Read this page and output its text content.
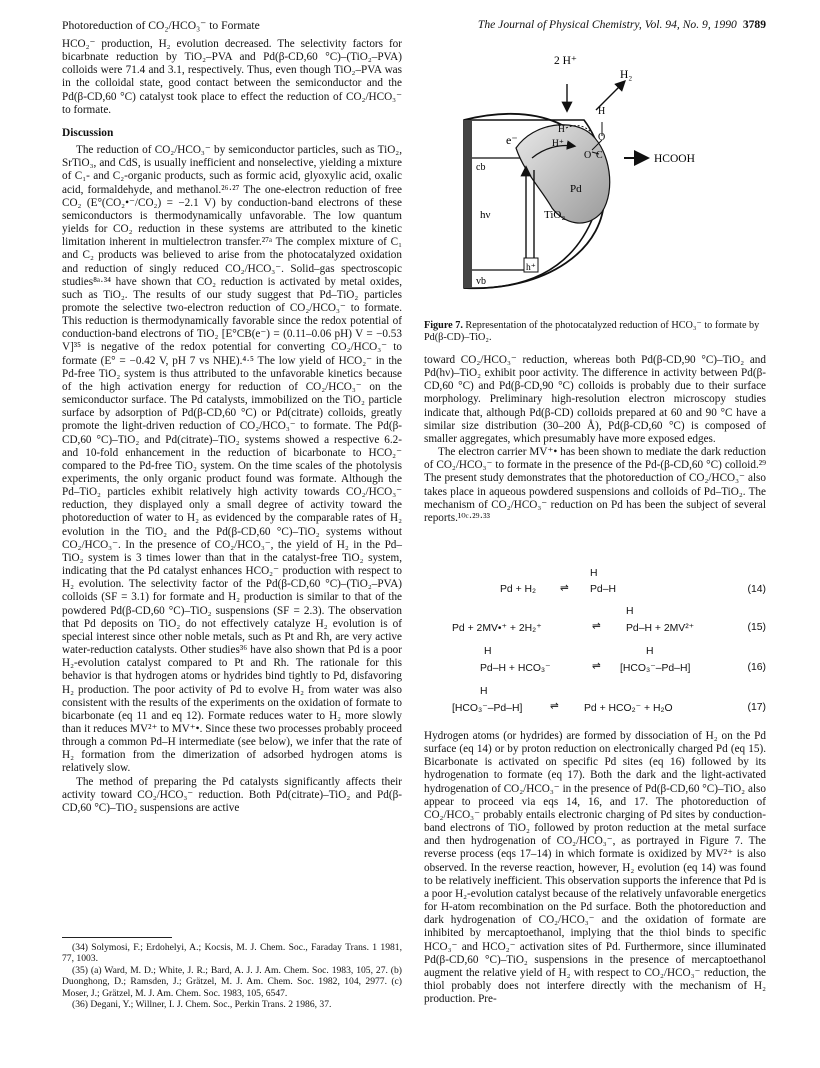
Photoreduction of CO₂/HCO₃⁻ to Formate	The Journal of Physical Chemistry, Vol. 94, No. 9, 1990 3789

HCO₂⁻ production, H₂ evolution decreased. The selectivity factors for bicarbnate reduction by TiO₂–PVA and Pd(β-CD,60 °C)–(TiO₂–PVA) colloids were 71.4 and 3.1, respectively. Thus, even though TiO₂–PVA was in the colloidal state, good contact between the semiconductor and the Pd(β-CD,60 °C) catalyst took place to effect the reduction of CO₂/HCO₃⁻ to formate.

Discussion

The reduction of CO₂/HCO₃⁻ by semiconductor particles, such as TiO₂, SrTiO₃, and CdS, is usually inefficient and nonselective, yielding a mixture of C₁- and C₂-organic products, such as formic acid, glyoxylic acid, oxalic acid, formaldehyde, and methanol.²⁶·²⁷ The one-electron reduction of free CO₂ (E°(CO₂•⁻/CO₂) = −2.1 V) by conduction-band electrons of these semiconductors is thermodynamically unfavorable. The low quantum yields for CO₂ reduction in these systems are attributed to the kinetic limitation inherent in multielectron transfer.²⁷ᵃ The complex mixture of C₁ and C₂ products was believed to arise from the photocatalyzed oxidation and reduction of singly reduced CO₂/HCO₃⁻. Solid–gas spectroscopic studies⁸ᵃ·³⁴ have shown that CO₂ reduction is activated by metal oxides, such as TiO₂. The results of our study suggest that Pd–TiO₂ particles promote the selective two-electron reduction of CO₂/HCO₃⁻ to formate. This reduction is thermodynamically favorable since the redox potential of conduction-band electrons of TiO₂ [E°CB(e⁻) = (0.11–0.06 pH) V = −0.53 V]³⁵ is negative of the redox potential for converting CO₂/HCO₃⁻ to formate (E° = −0.42 V, pH 7 vs NHE).⁴·⁵ The low yield of HCO₂⁻ in the Pd-free TiO₂ system is thus attributed to the unfavorable kinetics because of the high activation energy for reduction of CO₂/HCO₃⁻ on the semiconductor surface. The Pd catalysts, immobilized on the TiO₂ particle surface by adsorption of Pd(β-CD,60 °C) or Pd(citrate) colloids, greatly promote the light-driven reduction of CO₂/HCO₃⁻ to formate. The Pd(β-CD,60 °C)–TiO₂ and Pd(citrate)–TiO₂ systems showed a respective 6.2- and 10-fold enhancement in the reduction of bicarbonate to HCO₂⁻ compared to the Pd-free TiO₂ system. On the time scales of the photolysis experiments, the only organic product found was formate. Although the Pd–TiO₂ particles exhibit relatively high activity towards CO₂/HCO₃⁻ reduction, they displayed only a small degree of activity toward the photoreduction of water to H₂ as evidenced by the comparable rates of H₂ evolution in the TiO₂ and the Pd(β-CD,60 °C)–TiO₂ systems without CO₂/HCO₃⁻. In the presence of CO₂/HCO₃⁻, the yield of H₂ in the Pd–TiO₂ system is 3 times lower than that in the catalyst-free TiO₂ system, indicating that the Pd catalyst enhances HCO₂⁻ production with respect to H₂ evolution. The selectivity factor of the Pd(β-CD,60 °C)–(TiO₂–PVA) colloids (SF = 3.1) for formate and H₂ production is similar to that of the powdered Pd(β-CD,60 °C)–TiO₂ suspensions (SF = 2.3). The observation that Pd deposits on TiO₂ do not effectively catalyze H₂ evolution is of special interest since other noble metals, such as Pt and Rh, are very active water-reduction catalysts. Other studies³⁶ have also shown that Pd is a poor H₂-evolution catalyst compared to Pt and Rh. The rationale for this behavior is that hydrogen atoms or hydrides bind tightly to Pd, disfavoring H₂ production. The poor activity of Pd to evolve H₂ from water was also consistent with the results of the experiments on the oxidation of formate to bicarbonate (eq 11 and eq 12). Formate reduces water to H₂ more slowly than it reduces MV²⁺ to MV⁺•. Since these two processes probably proceed through a common Pd–H intermediate (see below), we infer that the rate of H₂ formation from the dimerization of adsorbed hydrogen atoms is relatively slow.

The method of preparing the Pd catalysts significantly affects their activity toward CO₂/HCO₃⁻ reduction. Both Pd(citrate)–TiO₂ and Pd(β-CD,60 °C)–TiO₂ suspensions are active

(34) Solymosi, F.; Erdohelyi, A.; Kocsis, M. J. Chem. Soc., Faraday Trans. 1 1981, 77, 1003.
(35) (a) Ward, M. D.; White, J. R.; Bard, A. J. J. Am. Chem. Soc. 1983, 105, 27. (b) Duonghong, D.; Ramsden, J.; Grätzel, M. J. Am. Chem. Soc. 1982, 104, 2977. (c) Moser, J.; Grätzel, M. J. Am. Chem. Soc. 1983, 105, 6547.
(36) Degani, Y.; Willner, I. J. Chem. Soc., Perkin Trans. 2 1986, 37.
2 H⁺
H₂
H
O
O C	HCOOH
e⁻
cb
vb
hν	TiO₂
h⁺
Pd
H
H⁺
Figure 7. Representation of the photocatalyzed reduction of HCO₃⁻ to formate by Pd(β-CD)–TiO₂.

toward CO₂/HCO₃⁻ reduction, whereas both Pd(β-CD,90 °C)–TiO₂ and Pd(hν)–TiO₂ exhibit poor activity. The difference in activity between Pd(β-CD,60 °C) and Pd(β-CD,90 °C) colloids is probably due to their surface morphology. Preliminary high-resolution electron microscopy studies indicate that, although Pd(β-CD) colloids prepared at 60 and 90 °C have a similar size distribution (30–200 Å), Pd(β-CD,60 °C) is composed of smaller aggregates, which presumably have more exposed edges.

The electron carrier MV⁺• has been shown to mediate the dark reduction of CO₂/HCO₃⁻ to formate in the presence of the Pd-(β-CD,60 °C) colloid.²⁹ The present study demonstrates that the photoreduction of CO₂/HCO₃⁻ also takes place in aqueous powdered suspensions and colloids of Pd–TiO₂. The mechanism of CO₂/HCO₃⁻ reduction on Pd has been the subject of several reports.¹⁰ᶜ·²⁹·³³

Pd + H₂ ⇌
H
Pd–H	(14)
Pd + 2MV•⁺ + 2H₂⁺	⇌
H
Pd–H + 2MV²⁺	(15)
H
Pd–H + HCO₃⁻	⇌
H
[HCO₃⁻–Pd–H]	(16)
H
[HCO₃⁻–Pd–H]	⇌ Pd + HCO₂⁻ + H₂O	(17)

Hydrogen atoms (or hydrides) are formed by dissociation of H₂ on the Pd surface (eq 14) or by proton reduction on electronically charged Pd (eq 15). Bicarbonate is activated on specific Pd sites (eq 16) followed by its hydrogenation to formate (eq 17). Both the dark and the light-activated hydrogenation of CO₂/HCO₃⁻ in the presence of Pd(β-CD,60 °C)–TiO₂ also appear to proceed via eqs 14, 16, and 17. The photoreduction of CO₂/HCO₃⁻ probably entails electronic charging of Pd sites by conduction-band electrons of TiO₂ followed by proton reduction at the metal surface and then hydrogenation of CO₂/HCO₃⁻, as portrayed in Figure 7. The reverse process (eqs 17–14) in which formate is oxidized by MV²⁺ is also observed. In the reverse reaction, however, H₂ evolution (eq 14) was found to be relatively inefficient. This observation supports the inference that Pd is a poor H₂-evolution catalyst because of the relatively unfavorable energetics for H-atom recombination on the Pd surface. Both the photoreduction and dark hydrogenation of CO₂/HCO₃⁻ and the oxidation of formate are inhibited by mercaptoethanol, implying that the thiol binds to specific HCO₃⁻ and HCO₂⁻ activation sites of Pd. Furthermore, since illuminated Pd(β-CD,60 °C)–TiO₂ suspensions in the presence of mercaptoethanol augment the relative yield of H₂ with respect to CO₂/HCO₃⁻ reduction, the thiol probably does not interfere directly with the mechanism of H₂ production. Pre-
